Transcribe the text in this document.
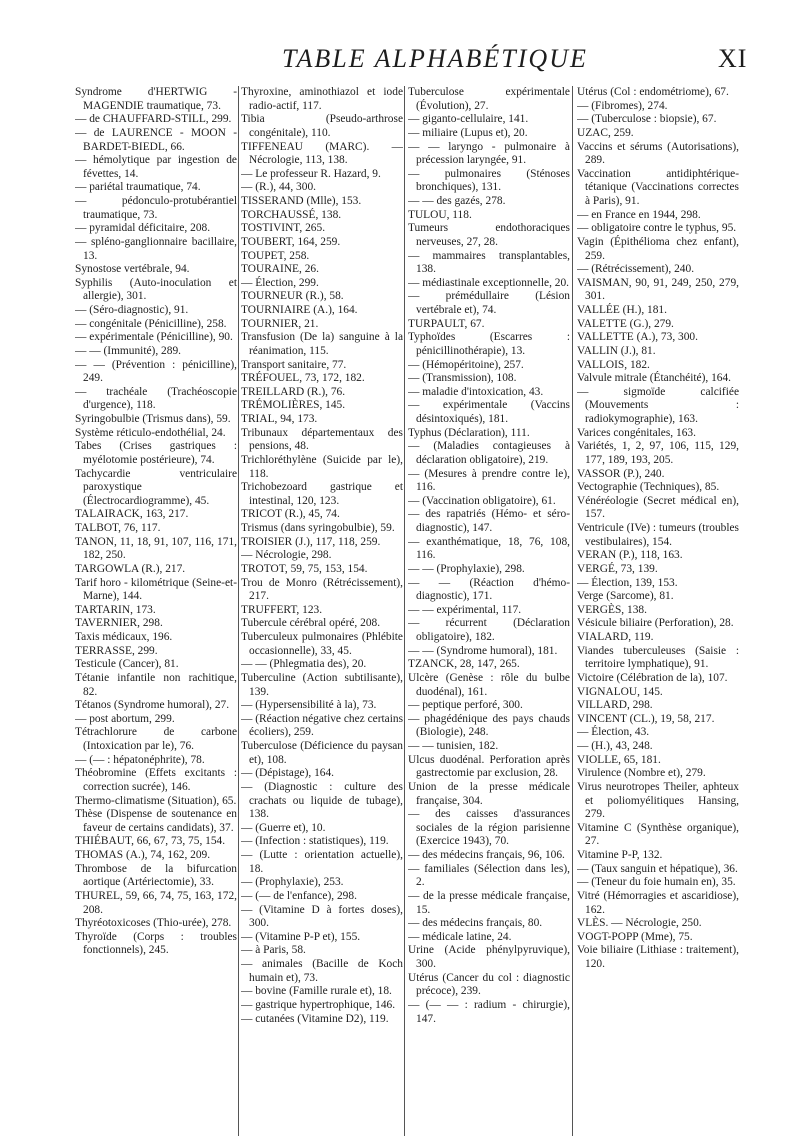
TABLE ALPHABÉTIQUE	XI

Syndrome d'HERTWIG - MAGENDIE traumatique, 73.

— de CHAUFFARD-STILL, 299.

— de LAURENCE - MOON - BARDET-BIEDL, 66.

— hémolytique par ingestion de févettes, 14.

— pariétal traumatique, 74.

— pédonculo-protubérantiel traumatique, 73.

— pyramidal déficitaire, 208.

— spléno-ganglionnaire bacillaire, 13.

Synostose vertébrale, 94.

Syphilis (Auto-inoculation et allergie), 301.

— (Séro-diagnostic), 91.

— congénitale (Pénicilline), 258.

— expérimentale (Pénicilline), 90.

— — (Immunité), 289.

— — (Prévention : pénicilline), 249.

— trachéale (Trachéoscopie d'urgence), 118.

Syringobulbie (Trismus dans), 59.

Système réticulo-endothélial, 24.

Tabes (Crises gastriques : myélotomie postérieure), 74.

Tachycardie ventriculaire paroxystique (Électrocardiogramme), 45.

TALAIRACK, 163, 217.

TALBOT, 76, 117.

TANON, 11, 18, 91, 107, 116, 171, 182, 250.

TARGOWLA (R.), 217.

Tarif horo - kilométrique (Seine-et-Marne), 144.

TARTARIN, 173.

TAVERNIER, 298.

Taxis médicaux, 196.

TERRASSE, 299.

Testicule (Cancer), 81.

Tétanie infantile non rachitique, 82.

Tétanos (Syndrome humoral), 27.

— post abortum, 299.

Tétrachlorure de carbone (Intoxication par le), 76.

— (— : hépatonéphrite), 78.

Théobromine (Effets excitants : correction sucrée), 146.

Thermo-climatisme (Situation), 65.

Thèse (Dispense de soutenance en faveur de certains candidats), 37.

THIÉBAUT, 66, 67, 73, 75, 154.

THOMAS (A.), 74, 162, 209.

Thrombose de la bifurcation aortique (Artériectomie), 33.

THUREL, 59, 66, 74, 75, 163, 172, 208.

Thyréotoxicoses (Thio-urée), 278.

Thyroïde (Corps : troubles fonctionnels), 245.

Thyroxine, aminothiazol et iode radio-actif, 117.

Tibia (Pseudo-arthrose congénitale), 110.

TIFFENEAU (MARC). — Nécrologie, 113, 138.

— Le professeur R. Hazard, 9.

— (R.), 44, 300.

TISSERAND (Mlle), 153.

TORCHAUSSÉ, 138.

TOSTIVINT, 265.

TOUBERT, 164, 259.

TOUPET, 258.

TOURAINE, 26.

— Élection, 299.

TOURNEUR (R.), 58.

TOURNIAIRE (A.), 164.

TOURNIER, 21.

Transfusion (De la) sanguine à la réanimation, 115.

Transport sanitaire, 77.

TRÉFOUEL, 73, 172, 182.

TREILLARD (R.), 76.

TRÉMOLIÈRES, 145.

TRIAL, 94, 173.

Tribunaux départementaux des pensions, 48.

Trichloréthylène (Suicide par le), 118.

Trichobezoard gastrique et intestinal, 120, 123.

TRICOT (R.), 45, 74.

Trismus (dans syringobulbie), 59.

TROISIER (J.), 117, 118, 259.

— Nécrologie, 298.

TROTOT, 59, 75, 153, 154.

Trou de Monro (Rétrécissement), 217.

TRUFFERT, 123.

Tubercule cérébral opéré, 208.

Tuberculeux pulmonaires (Phlébite occasionnelle), 33, 45.

— — (Phlegmatia des), 20.

Tuberculine (Action subtilisante), 139.

— (Hypersensibilité à la), 73.

— (Réaction négative chez certains écoliers), 259.

Tuberculose (Déficience du paysan et), 108.

— (Dépistage), 164.

— (Diagnostic : culture des crachats ou liquide de tubage), 138.

— (Guerre et), 10.

— (Infection : statistiques), 119.

— (Lutte : orientation actuelle), 18.

— (Prophylaxie), 253.

— (— de l'enfance), 298.

— (Vitamine D à fortes doses), 300.

— (Vitamine P-P et), 155.

— à Paris, 58.

— animales (Bacille de Koch humain et), 73.

— bovine (Famille rurale et), 18.

— gastrique hypertrophique, 146.

— cutanées (Vitamine D2), 119.

Tuberculose expérimentale (Évolution), 27.

— giganto-cellulaire, 141.

— miliaire (Lupus et), 20.

— — laryngo - pulmonaire à précession laryngée, 91.

— pulmonaires (Sténoses bronchiques), 131.

— — des gazés, 278.

TULOU, 118.

Tumeurs endothoraciques nerveuses, 27, 28.

— mammaires transplantables, 138.

— médiastinale exceptionnelle, 20.

— prémédullaire (Lésion vertébrale et), 74.

TURPAULT, 67.

Typhoïdes (Escarres : pénicillinothérapie), 13.

— (Hémopéritoine), 257.

— (Transmission), 108.

— maladie d'intoxication, 43.

— expérimentale (Vaccins désintoxiqués), 181.

Typhus (Déclaration), 111.

— (Maladies contagieuses à déclaration obligatoire), 219.

— (Mesures à prendre contre le), 116.

— (Vaccination obligatoire), 61.

— des rapatriés (Hémo- et séro-diagnostic), 147.

— exanthématique, 18, 76, 108, 116.

— — (Prophylaxie), 298.

— — (Réaction d'hémo-diagnostic), 171.

— — expérimental, 117.

— récurrent (Déclaration obligatoire), 182.

— — (Syndrome humoral), 181.

TZANCK, 28, 147, 265.

Ulcère (Genèse : rôle du bulbe duodénal), 161.

— peptique perforé, 300.

— phagédénique des pays chauds (Biologie), 248.

— — tunisien, 182.

Ulcus duodénal. Perforation après gastrectomie par exclusion, 28.

Union de la presse médicale française, 304.

— des caisses d'assurances sociales de la région parisienne (Exercice 1943), 70.

— des médecins français, 96, 106.

— familiales (Sélection dans les), 2.

— de la presse médicale française, 15.

— des médecins français, 80.

— médicale latine, 24.

Urine (Acide phénylpyruvique), 300.

Utérus (Cancer du col : diagnostic précoce), 239.

— (— — : radium - chirurgie), 147.

Utérus (Col : endométriome), 67.

— (Fibromes), 274.

— (Tuberculose : biopsie), 67.

UZAC, 259.

Vaccins et sérums (Autorisations), 289.

Vaccination antidiphtérique-tétanique (Vaccinations correctes à Paris), 91.

— en France en 1944, 298.

— obligatoire contre le typhus, 95.

Vagin (Épithélioma chez enfant), 259.

— (Rétrécissement), 240.

VAISMAN, 90, 91, 249, 250, 279, 301.

VALLÉE (H.), 181.

VALETTE (G.), 279.

VALLETTE (A.), 73, 300.

VALLIN (J.), 81.

VALLOIS, 182.

Valvule mitrale (Étanchéité), 164.

— sigmoïde calcifiée (Mouvements : radiokymographie), 163.

Varices congénitales, 163.

Variétés, 1, 2, 97, 106, 115, 129, 177, 189, 193, 205.

VASSOR (P.), 240.

Vectographie (Techniques), 85.

Vénéréologie (Secret médical en), 157.

Ventricule (IVe) : tumeurs (troubles vestibulaires), 154.

VERAN (P.), 118, 163.

VERGÉ, 73, 139.

— Élection, 139, 153.

Verge (Sarcome), 81.

VERGÈS, 138.

Vésicule biliaire (Perforation), 28.

VIALARD, 119.

Viandes tuberculeuses (Saisie : territoire lymphatique), 91.

Victoire (Célébration de la), 107.

VIGNALOU, 145.

VILLARD, 298.

VINCENT (CL.), 19, 58, 217.

— Élection, 43.

— (H.), 43, 248.

VIOLLE, 65, 181.

Virulence (Nombre et), 279.

Virus neurotropes Theiler, aphteux et poliomyélitiques Hansing, 279.

Vitamine C (Synthèse organique), 27.

Vitamine P-P, 132.

— (Taux sanguin et hépatique), 36.

— (Teneur du foie humain en), 35.

Vitré (Hémorragies et ascaridiose), 162.

VLÈS. — Nécrologie, 250.

VOGT-POPP (Mme), 75.

Voie biliaire (Lithiase : traitement), 120.
